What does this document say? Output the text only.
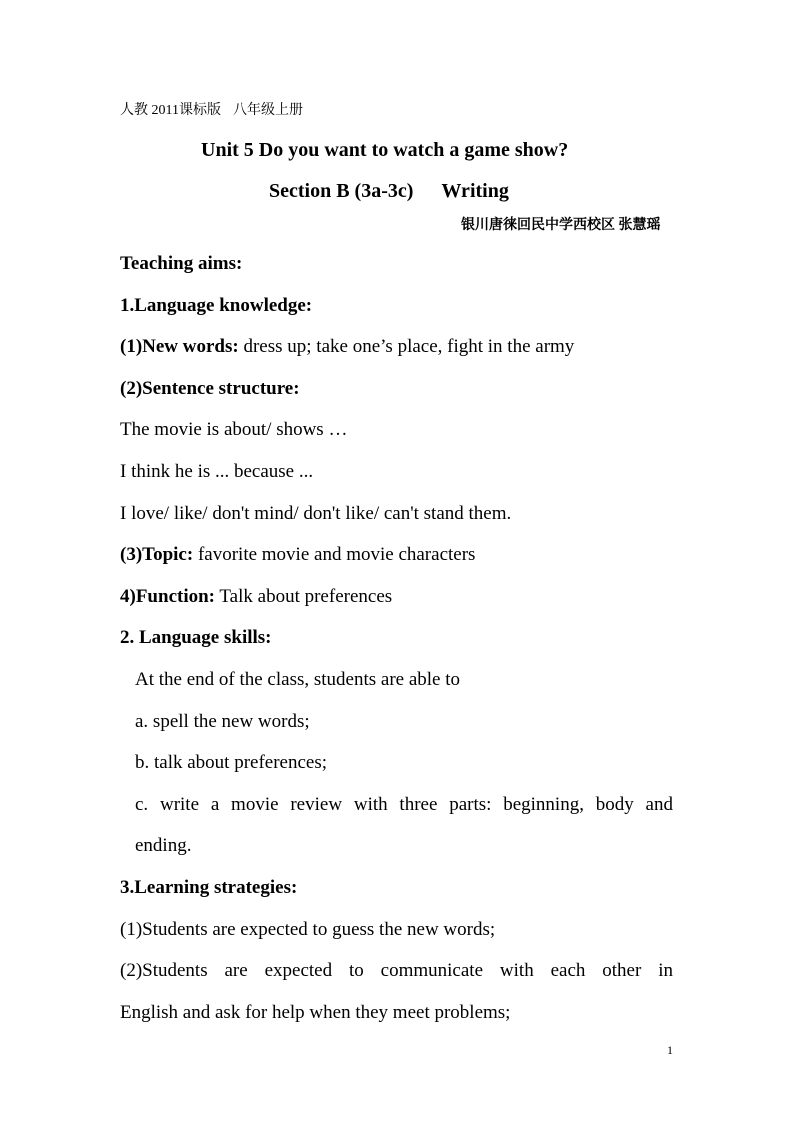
人教 2011课标版 八年级上册
Unit 5 Do you want to watch a game show?
Section B (3a-3c) Writing
银川唐徕回民中学西校区 张慧瑶
Teaching aims:
1.Language knowledge:
(1)New words: dress up; take one’s place, fight in the army
(2)Sentence structure:
The movie is about/ shows …
I think he is ... because ...
I love/ like/ don't mind/ don't like/ can't stand them.
(3)Topic: favorite movie and movie characters
4)Function: Talk about preferences
2. Language skills:
At the end of the class, students are able to
a. spell the new words;
b. talk about preferences;
c. write a movie review with three parts: beginning, body and
ending.
3.Learning strategies:
(1)Students are expected to guess the new words;
(2)Students are expected to communicate with each other in
English and ask for help when they meet problems;
1
